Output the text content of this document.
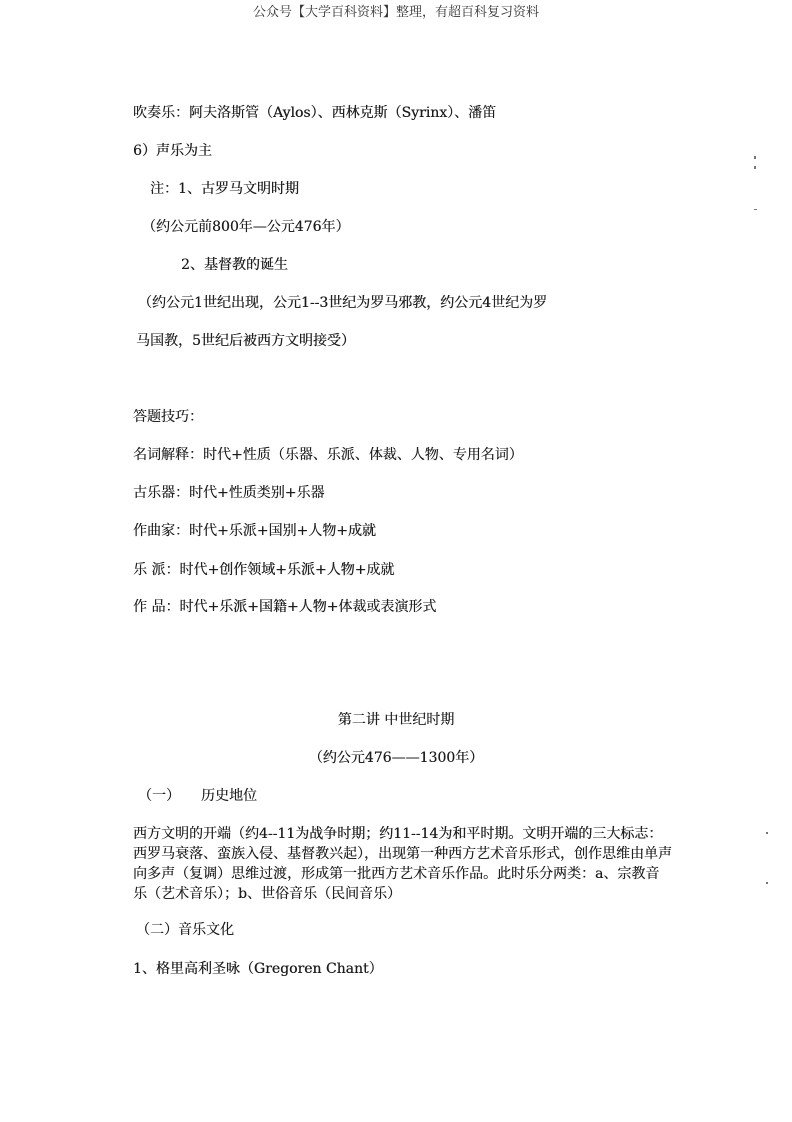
公众号【大学百科资料】整理，有超百科复习资料
吹奏乐：阿夫洛斯管（Aylos）、西林克斯（Syrinx）、潘笛
6）声乐为主
注：1、古罗马文明时期
（约公元前800年—公元476年）
2、基督教的诞生
（约公元1世纪出现，公元1--3世纪为罗马邪教，约公元4世纪为罗
马国教，5世纪后被西方文明接受）
答题技巧：
名词解释：时代+性质（乐器、乐派、体裁、人物、专用名词）
古乐器：时代+性质类别+乐器
作曲家：时代+乐派+国别+人物+成就
乐 派：时代+创作领域+乐派+人物+成就
作 品：时代+乐派+国籍+人物+体裁或表演形式
第二讲 中世纪时期
（约公元476——1300年）
（一） 历史地位
西方文明的开端（约4--11为战争时期；约11--14为和平时期。文明开端的三大标志：西罗马衰落、蛮族入侵、基督教兴起），出现第一种西方艺术音乐形式，创作思维由单声向多声（复调）思维过渡，形成第一批西方艺术音乐作品。此时乐分两类：a、宗教音乐（艺术音乐）；b、世俗音乐（民间音乐）
（二）音乐文化
1、格里高利圣咏（Gregoren Chant）
